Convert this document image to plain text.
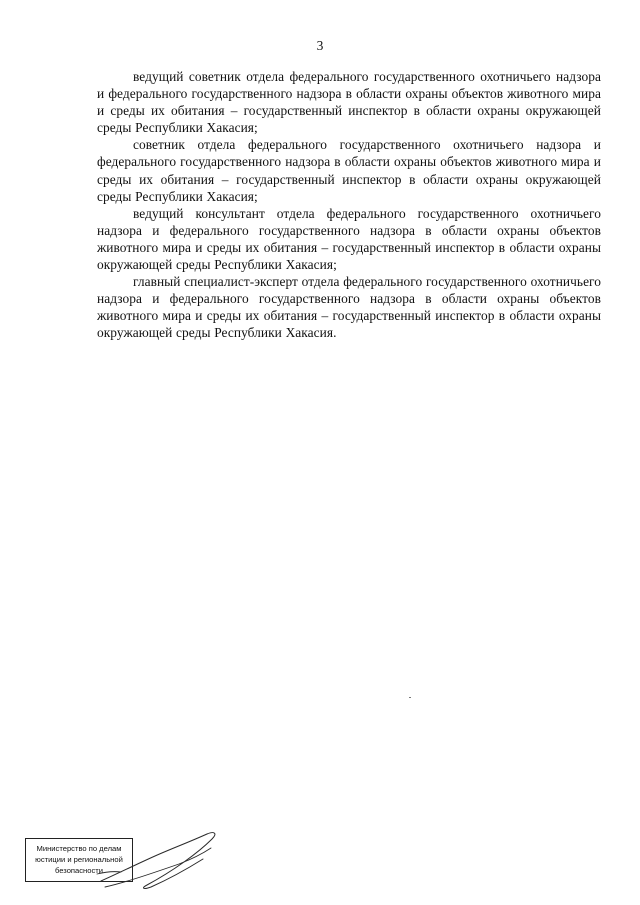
3

ведущий советник отдела федерального государственного охотничьего надзора и федерального государственного надзора в области охраны объектов животного мира и среды их обитания – государственный инспектор в области охраны окружающей среды Республики Хакасия;

советник отдела федерального государственного охотничьего надзора и федерального государственного надзора в области охраны объектов животного мира и среды их обитания – государственный инспектор в области охраны окружающей среды Республики Хакасия;

ведущий консультант отдела федерального государственного охотничьего надзора и федерального государственного надзора в области охраны объектов животного мира и среды их обитания – государственный инспектор в области охраны окружающей среды Республики Хакасия;

главный специалист-эксперт отдела федерального государственного охотничьего надзора и федерального государственного надзора в области охраны объектов животного мира и среды их обитания – государственный инспектор в области охраны окружающей среды Республики Хакасия.

Министерство по делам
юстиции и региональной
безопасности
